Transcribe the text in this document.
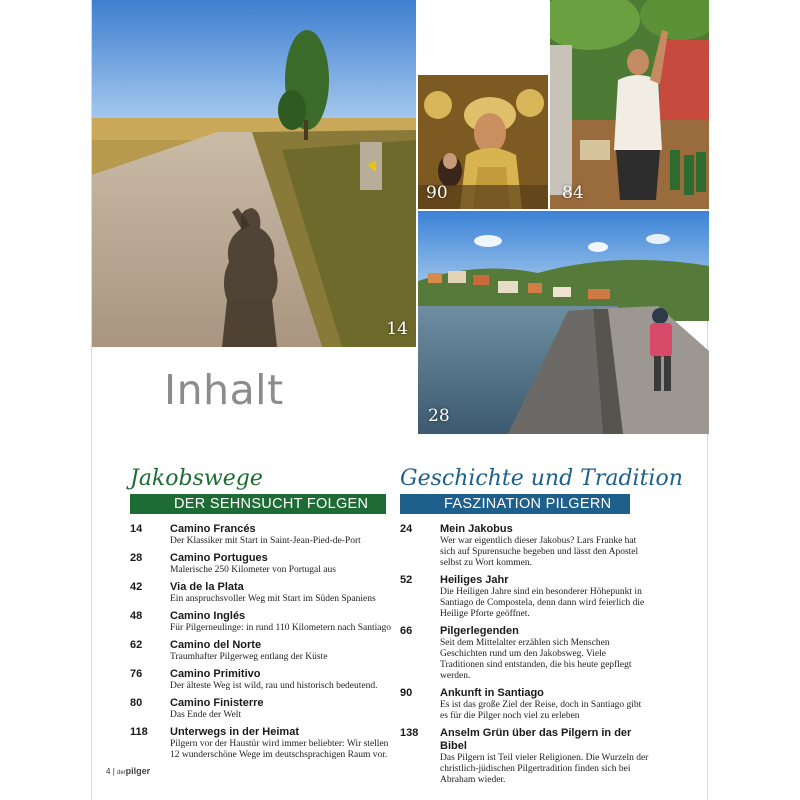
14
90	84
28
Inhalt
Jakobswege
DER SEHNSUCHT FOLGEN
14	Camino Francés
Der Klassiker mit Start in Saint-Jean-Pied-de-Port
28	Camino Portugues
Malerische 250 Kilometer von Portugal aus
42	Via de la Plata
Ein anspruchsvoller Weg mit Start im Süden Spaniens
48	Camino Inglés
Für Pilgerneulinge: in rund 110 Kilometern nach Santiago
62	Camino del Norte
Traumhafter Pilgerweg entlang der Küste
76	Camino Primitivo
Der älteste Weg ist wild, rau und historisch bedeutend.
80	Camino Finisterre
Das Ende der Welt
118	Unterwegs in der Heimat
Pilgern vor der Haustür wird immer beliebter: Wir stellen 12 wunderschöne Wege im deutschsprachigen Raum vor.
Geschichte und Tradition
FASZINATION PILGERN
24	Mein Jakobus
Wer war eigentlich dieser Jakobus? Lars Franke hat sich auf Spurensuche begeben und lässt den Apostel selbst zu Wort kommen.
52	Heiliges Jahr
Die Heiligen Jahre sind ein besonderer Höhepunkt in Santiago de Compostela, denn dann wird feierlich die Heilige Pforte geöffnet.
66	Pilgerlegenden
Seit dem Mittelalter erzählen sich Menschen Geschichten rund um den Jakobsweg. Viele Traditionen sind entstanden, die bis heute gepflegt werden.
90	Ankunft in Santiago
Es ist das große Ziel der Reise, doch in Santiago gibt es für die Pilger noch viel zu erleben
138	Anselm Grün über das Pilgern in der Bibel
Das Pilgern ist Teil vieler Religionen. Die Wurzeln der christlich-jüdischen Pilgertradition finden sich bei Abraham wieder.
4 | derpilger
